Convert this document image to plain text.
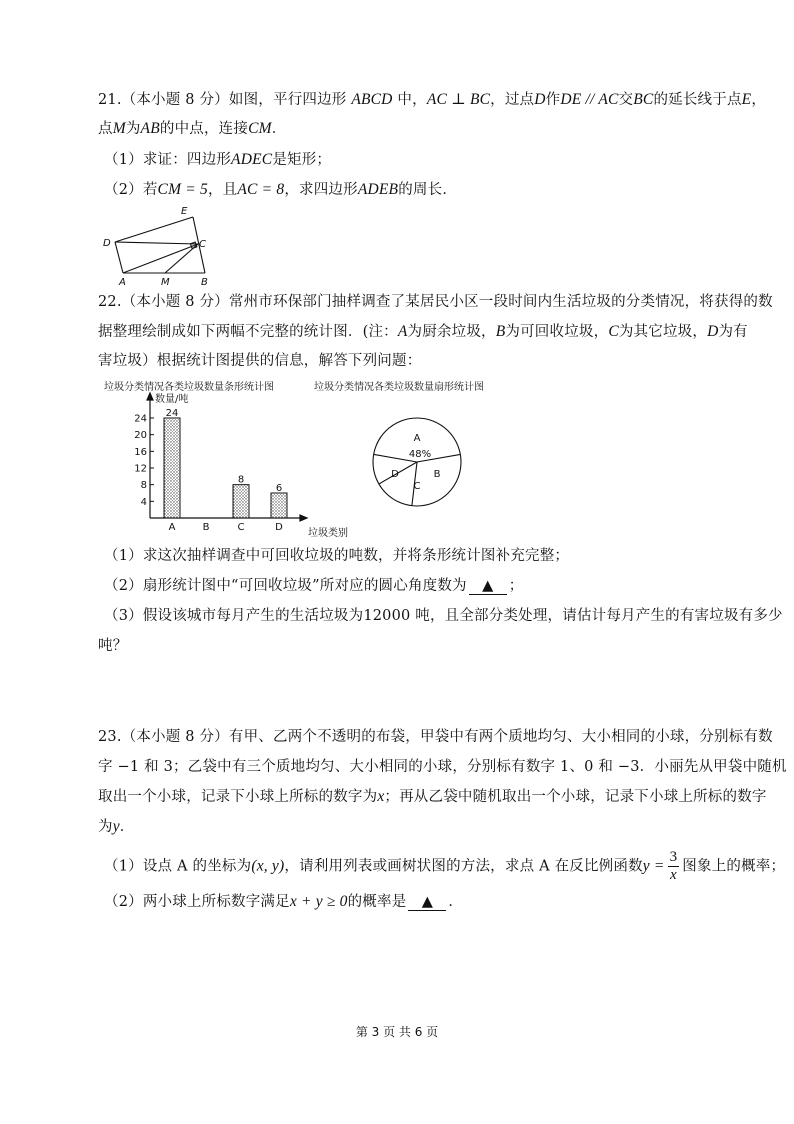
21.（本小题 8 分）如图，平行四边形 ABCD 中，AC ⊥ BC，过点D作DE // AC交BC的延长线于点E，
点M为AB的中点，连接CM．
（1）求证：四边形ADEC是矩形；
（2）若CM = 5，且AC = 8，求四边形ADEB的周长．
E
D	C
A	M	B
22.（本小题 8 分）常州市环保部门抽样调查了某居民小区一段时间内生活垃圾的分类情况，将获得的数
据整理绘制成如下两幅不完整的统计图．(注：A为厨余垃圾，B为可回收垃圾，C为其它垃圾，D为有
害垃圾）根据统计图提供的信息，解答下列问题：
垃圾分类情况各类垃圾数量条形统计图	垃圾分类情况各类垃圾数量扇形统计图
4
8
12
16
20
24
A
24
B	C
8
D
6
数量/吨
垃圾类别
A
48%
B
C
D
（1）求这次抽样调查中可回收垃圾的吨数，并将条形统计图补充完整；
（2）扇形统计图中“可回收垃圾”所对应的圆心角度数为 ▲ ；
（3）假设该城市每月产生的生活垃圾为12000 吨，且全部分类处理，请估计每月产生的有害垃圾有多少
吨？
23.（本小题 8 分）有甲、乙两个不透明的布袋，甲袋中有两个质地均匀、大小相同的小球，分别标有数
字 −1 和 3；乙袋中有三个质地均匀、大小相同的小球，分别标有数字 1、0 和 −3．小丽先从甲袋中随机
取出一个小球，记录下小球上所标的数字为x；再从乙袋中随机取出一个小球，记录下小球上所标的数字
为y．
（1）设点 A 的坐标为(x, y)，请利用列表或画树状图的方法，求点 A 在反比例函数$y = \frac{3}{x}$ 图象上的概率；
（2）两小球上所标数字满足x + y ≥ 0的概率是 ▲ ．
第 3 页 共 6 页
